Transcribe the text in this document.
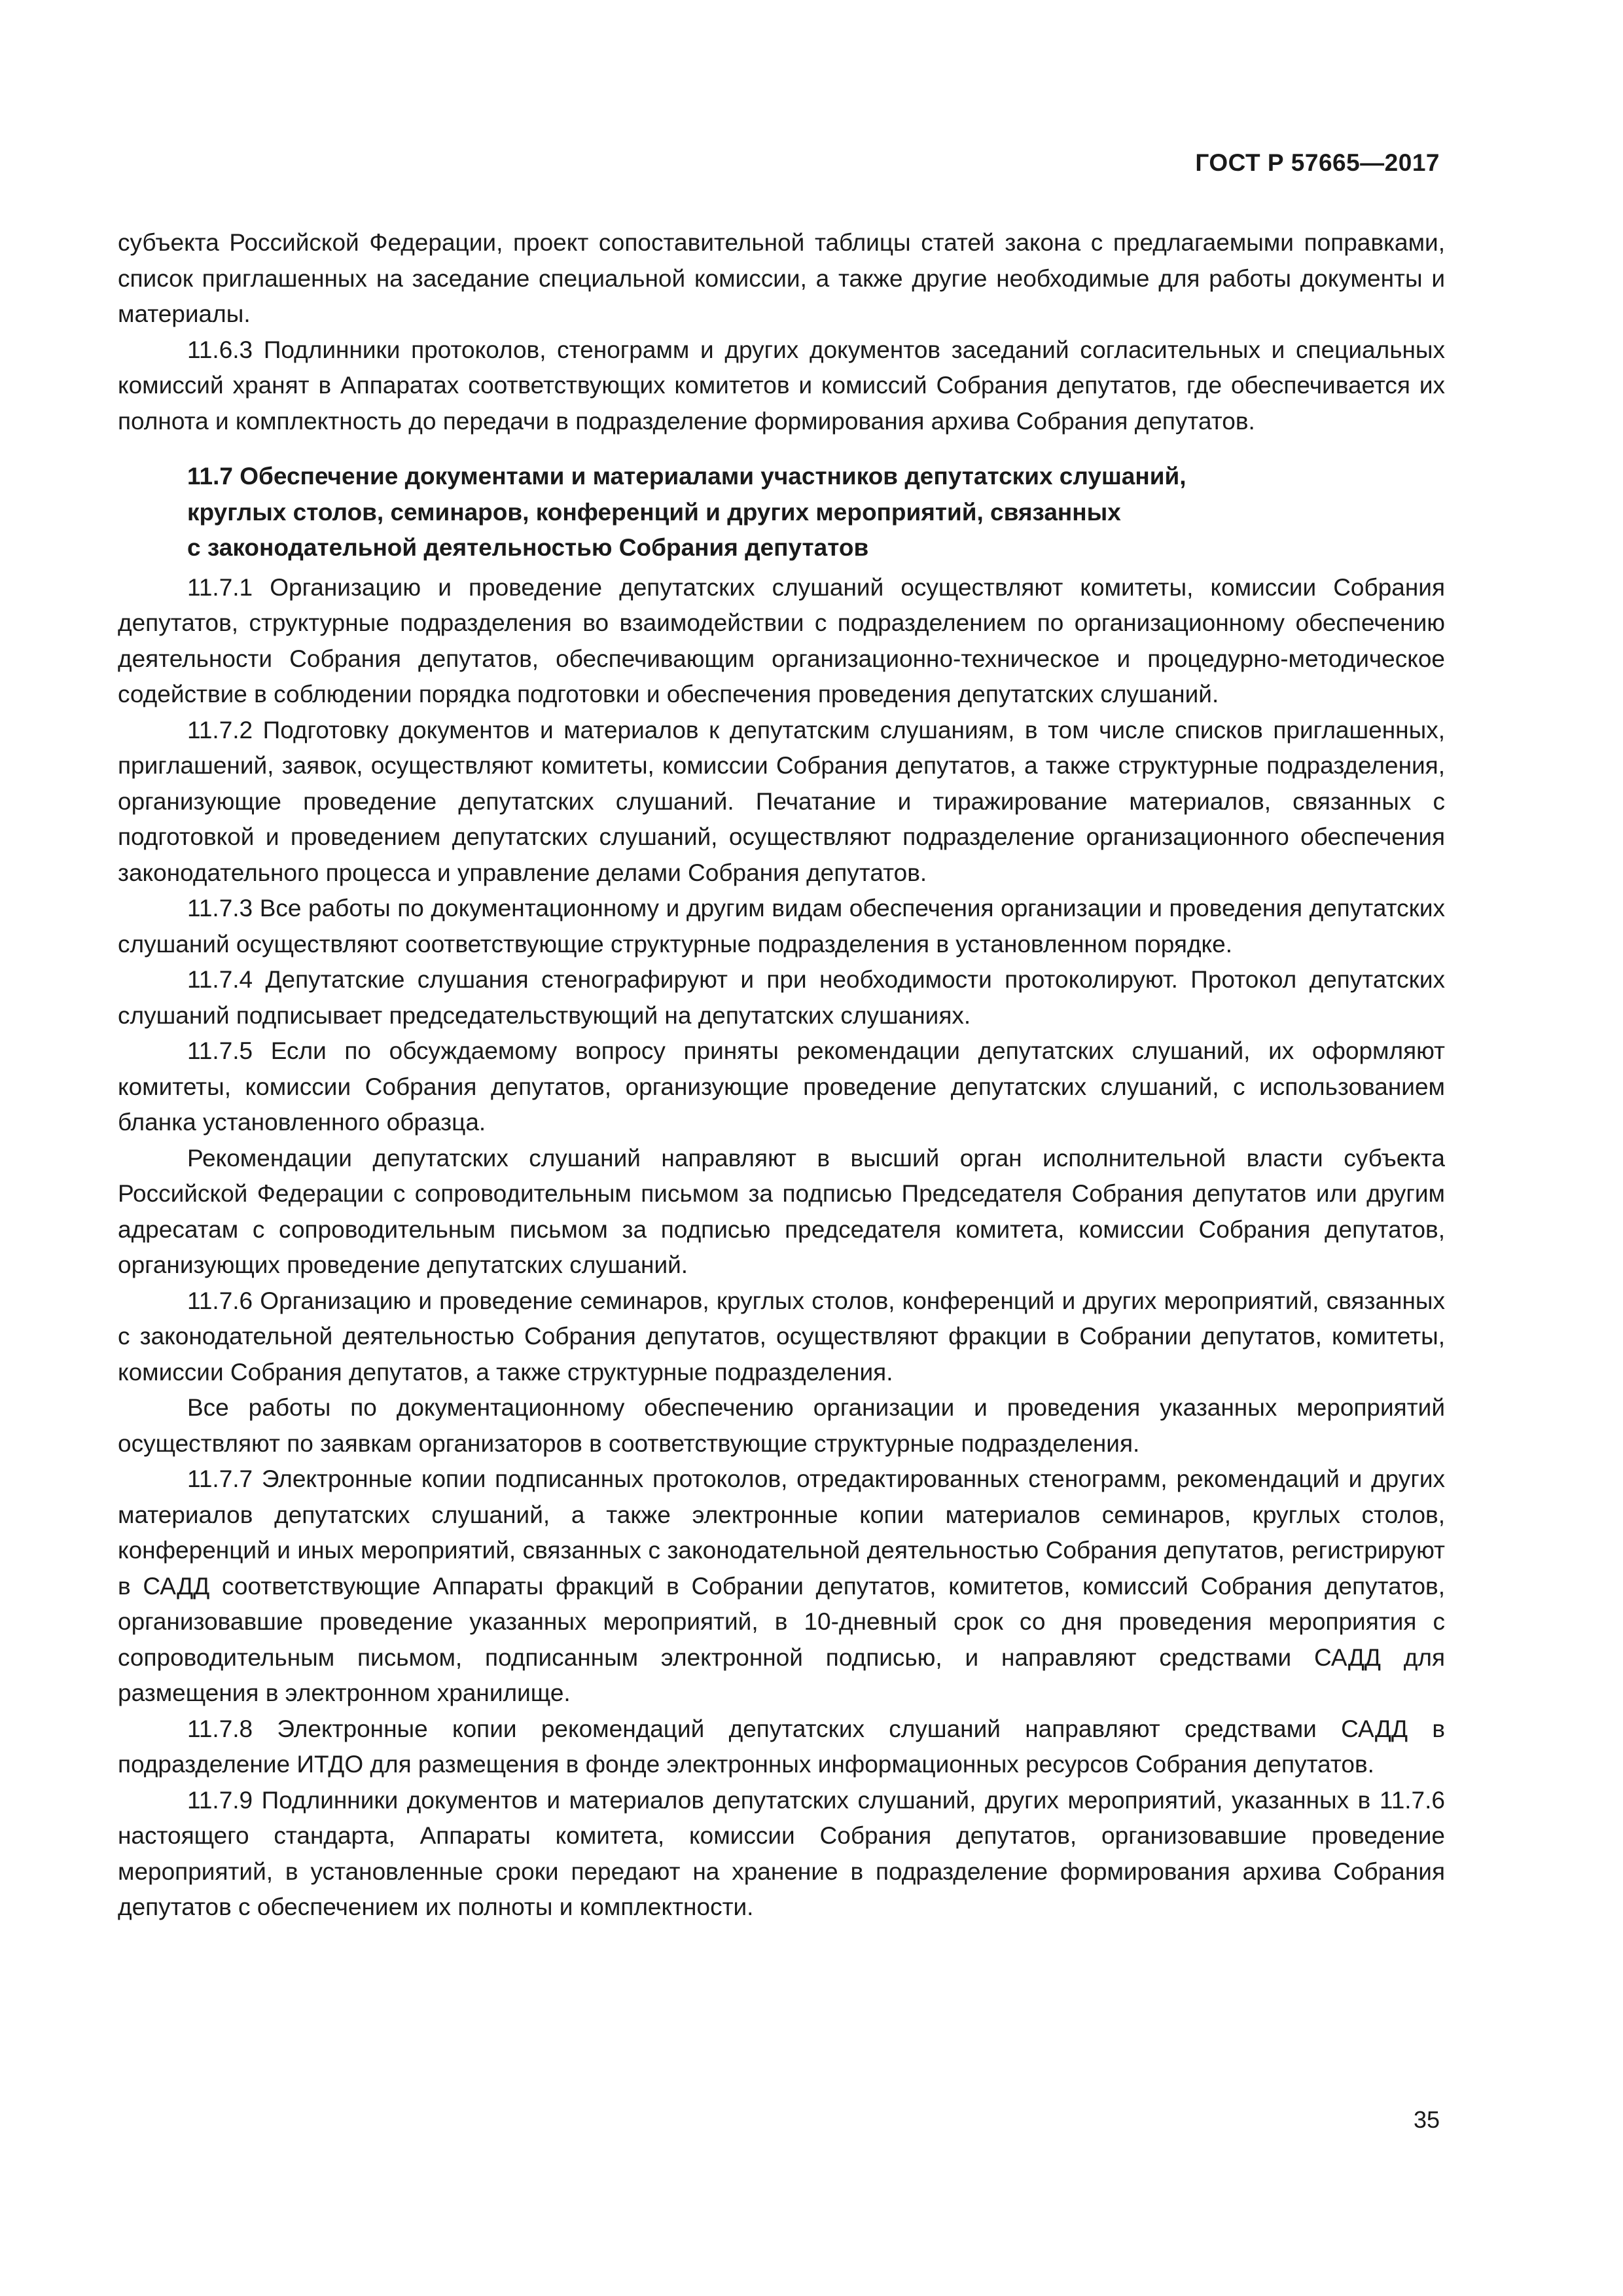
ГОСТ Р 57665—2017

субъекта Российской Федерации, проект сопоставительной таблицы статей закона с предлагаемыми поправками, список приглашенных на заседание специальной комиссии, а также другие необходимые для работы документы и материалы.

11.6.3 Подлинники протоколов, стенограмм и других документов заседаний согласительных и специальных комиссий хранят в Аппаратах соответствующих комитетов и комиссий Собрания депутатов, где обеспечивается их полнота и комплектность до передачи в подразделение формирования архива Собрания депутатов.

11.7 Обеспечение документами и материалами участников депутатских слушаний,
круглых столов, семинаров, конференций и других мероприятий, связанных
с законодательной деятельностью Собрания депутатов

11.7.1 Организацию и проведение депутатских слушаний осуществляют комитеты, комиссии Собрания депутатов, структурные подразделения во взаимодействии с подразделением по организационному обеспечению деятельности Собрания депутатов, обеспечивающим организационно-техническое и процедурно-методическое содействие в соблюдении порядка подготовки и обеспечения проведения депутатских слушаний.

11.7.2 Подготовку документов и материалов к депутатским слушаниям, в том числе списков приглашенных, приглашений, заявок, осуществляют комитеты, комиссии Собрания депутатов, а также структурные подразделения, организующие проведение депутатских слушаний. Печатание и тиражирование материалов, связанных с подготовкой и проведением депутатских слушаний, осуществляют подразделение организационного обеспечения законодательного процесса и управление делами Собрания депутатов.

11.7.3 Все работы по документационному и другим видам обеспечения организации и проведения депутатских слушаний осуществляют соответствующие структурные подразделения в установленном порядке.

11.7.4 Депутатские слушания стенографируют и при необходимости протоколируют. Протокол депутатских слушаний подписывает председательствующий на депутатских слушаниях.

11.7.5 Если по обсуждаемому вопросу приняты рекомендации депутатских слушаний, их оформляют комитеты, комиссии Собрания депутатов, организующие проведение депутатских слушаний, с использованием бланка установленного образца.

Рекомендации депутатских слушаний направляют в высший орган исполнительной власти субъекта Российской Федерации с сопроводительным письмом за подписью Председателя Собрания депутатов или другим адресатам с сопроводительным письмом за подписью председателя комитета, комиссии Собрания депутатов, организующих проведение депутатских слушаний.

11.7.6 Организацию и проведение семинаров, круглых столов, конференций и других мероприятий, связанных с законодательной деятельностью Собрания депутатов, осуществляют фракции в Собрании депутатов, комитеты, комиссии Собрания депутатов, а также структурные подразделения.

Все работы по документационному обеспечению организации и проведения указанных мероприятий осуществляют по заявкам организаторов в соответствующие структурные подразделения.

11.7.7 Электронные копии подписанных протоколов, отредактированных стенограмм, рекомендаций и других материалов депутатских слушаний, а также электронные копии материалов семинаров, круглых столов, конференций и иных мероприятий, связанных с законодательной деятельностью Собрания депутатов, регистрируют в САДД соответствующие Аппараты фракций в Собрании депутатов, комитетов, комиссий Собрания депутатов, организовавшие проведение указанных мероприятий, в 10-дневный срок со дня проведения мероприятия с сопроводительным письмом, подписанным электронной подписью, и направляют средствами САДД для размещения в электронном хранилище.

11.7.8 Электронные копии рекомендаций депутатских слушаний направляют средствами САДД в подразделение ИТДО для размещения в фонде электронных информационных ресурсов Собрания депутатов.

11.7.9 Подлинники документов и материалов депутатских слушаний, других мероприятий, указанных в 11.7.6 настоящего стандарта, Аппараты комитета, комиссии Собрания депутатов, организовавшие проведение мероприятий, в установленные сроки передают на хранение в подразделение формирования архива Собрания депутатов с обеспечением их полноты и комплектности.

35
